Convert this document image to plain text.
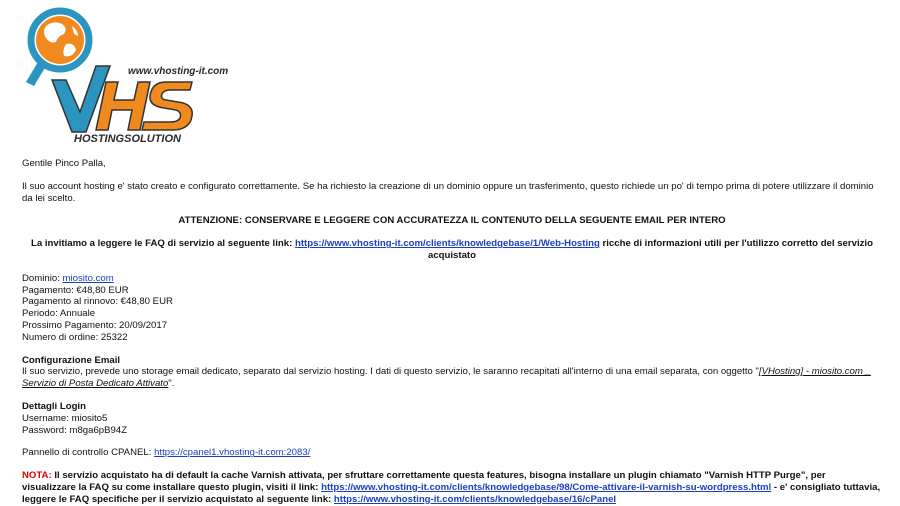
www.vhosting-it.com
HOSTINGSOLUTION

Gentile Pinco Palla,

Il suo account hosting e' stato creato e configurato correttamente. Se ha richiesto la creazione di un dominio oppure un trasferimento, questo richiede un po' di tempo prima di potere utilizzare il dominio da lei scelto.

ATTENZIONE: CONSERVARE E LEGGERE CON ACCURATEZZA IL CONTENUTO DELLA SEGUENTE EMAIL PER INTERO

La invitiamo a leggere le FAQ di servizio al seguente link: https://www.vhosting-it.com/clients/knowledgebase/1/Web-Hosting ricche di informazioni utili per l'utilizzo corretto del servizio acquistato

Dominio: miosito.com
Pagamento: €48,80 EUR
Pagamento al rinnovo: €48,80 EUR
Periodo: Annuale
Prossimo Pagamento: 20/09/2017
Numero di ordine: 25322
Configurazione Email
Il suo servizio, prevede uno storage email dedicato, separato dal servizio hosting. I dati di questo servizio, le saranno recapitati all'interno di una email separata, con oggetto "[VHosting] - miosito.com _ Servizio di Posta Dedicato Attivato".
Dettagli Login
Username: miosito5
Password: m8ga6pB94Z
Pannello di controllo CPANEL: https://cpanel1.vhosting-it.com:2083/
NOTA: Il servizio acquistato ha di default la cache Varnish attivata, per sfruttare correttamente questa features, bisogna installare un plugin chiamato "Varnish HTTP Purge", per visualizzare la FAQ su come installare questo plugin, visiti il link: https://www.vhosting-it.com/clients/knowledgebase/98/Come-attivare-il-varnish-su-wordpress.html - e' consigliato tuttavia, leggere le FAQ specifiche per il servizio acquistato al seguente link: https://www.vhosting-it.com/clients/knowledgebase/16/cPanel
